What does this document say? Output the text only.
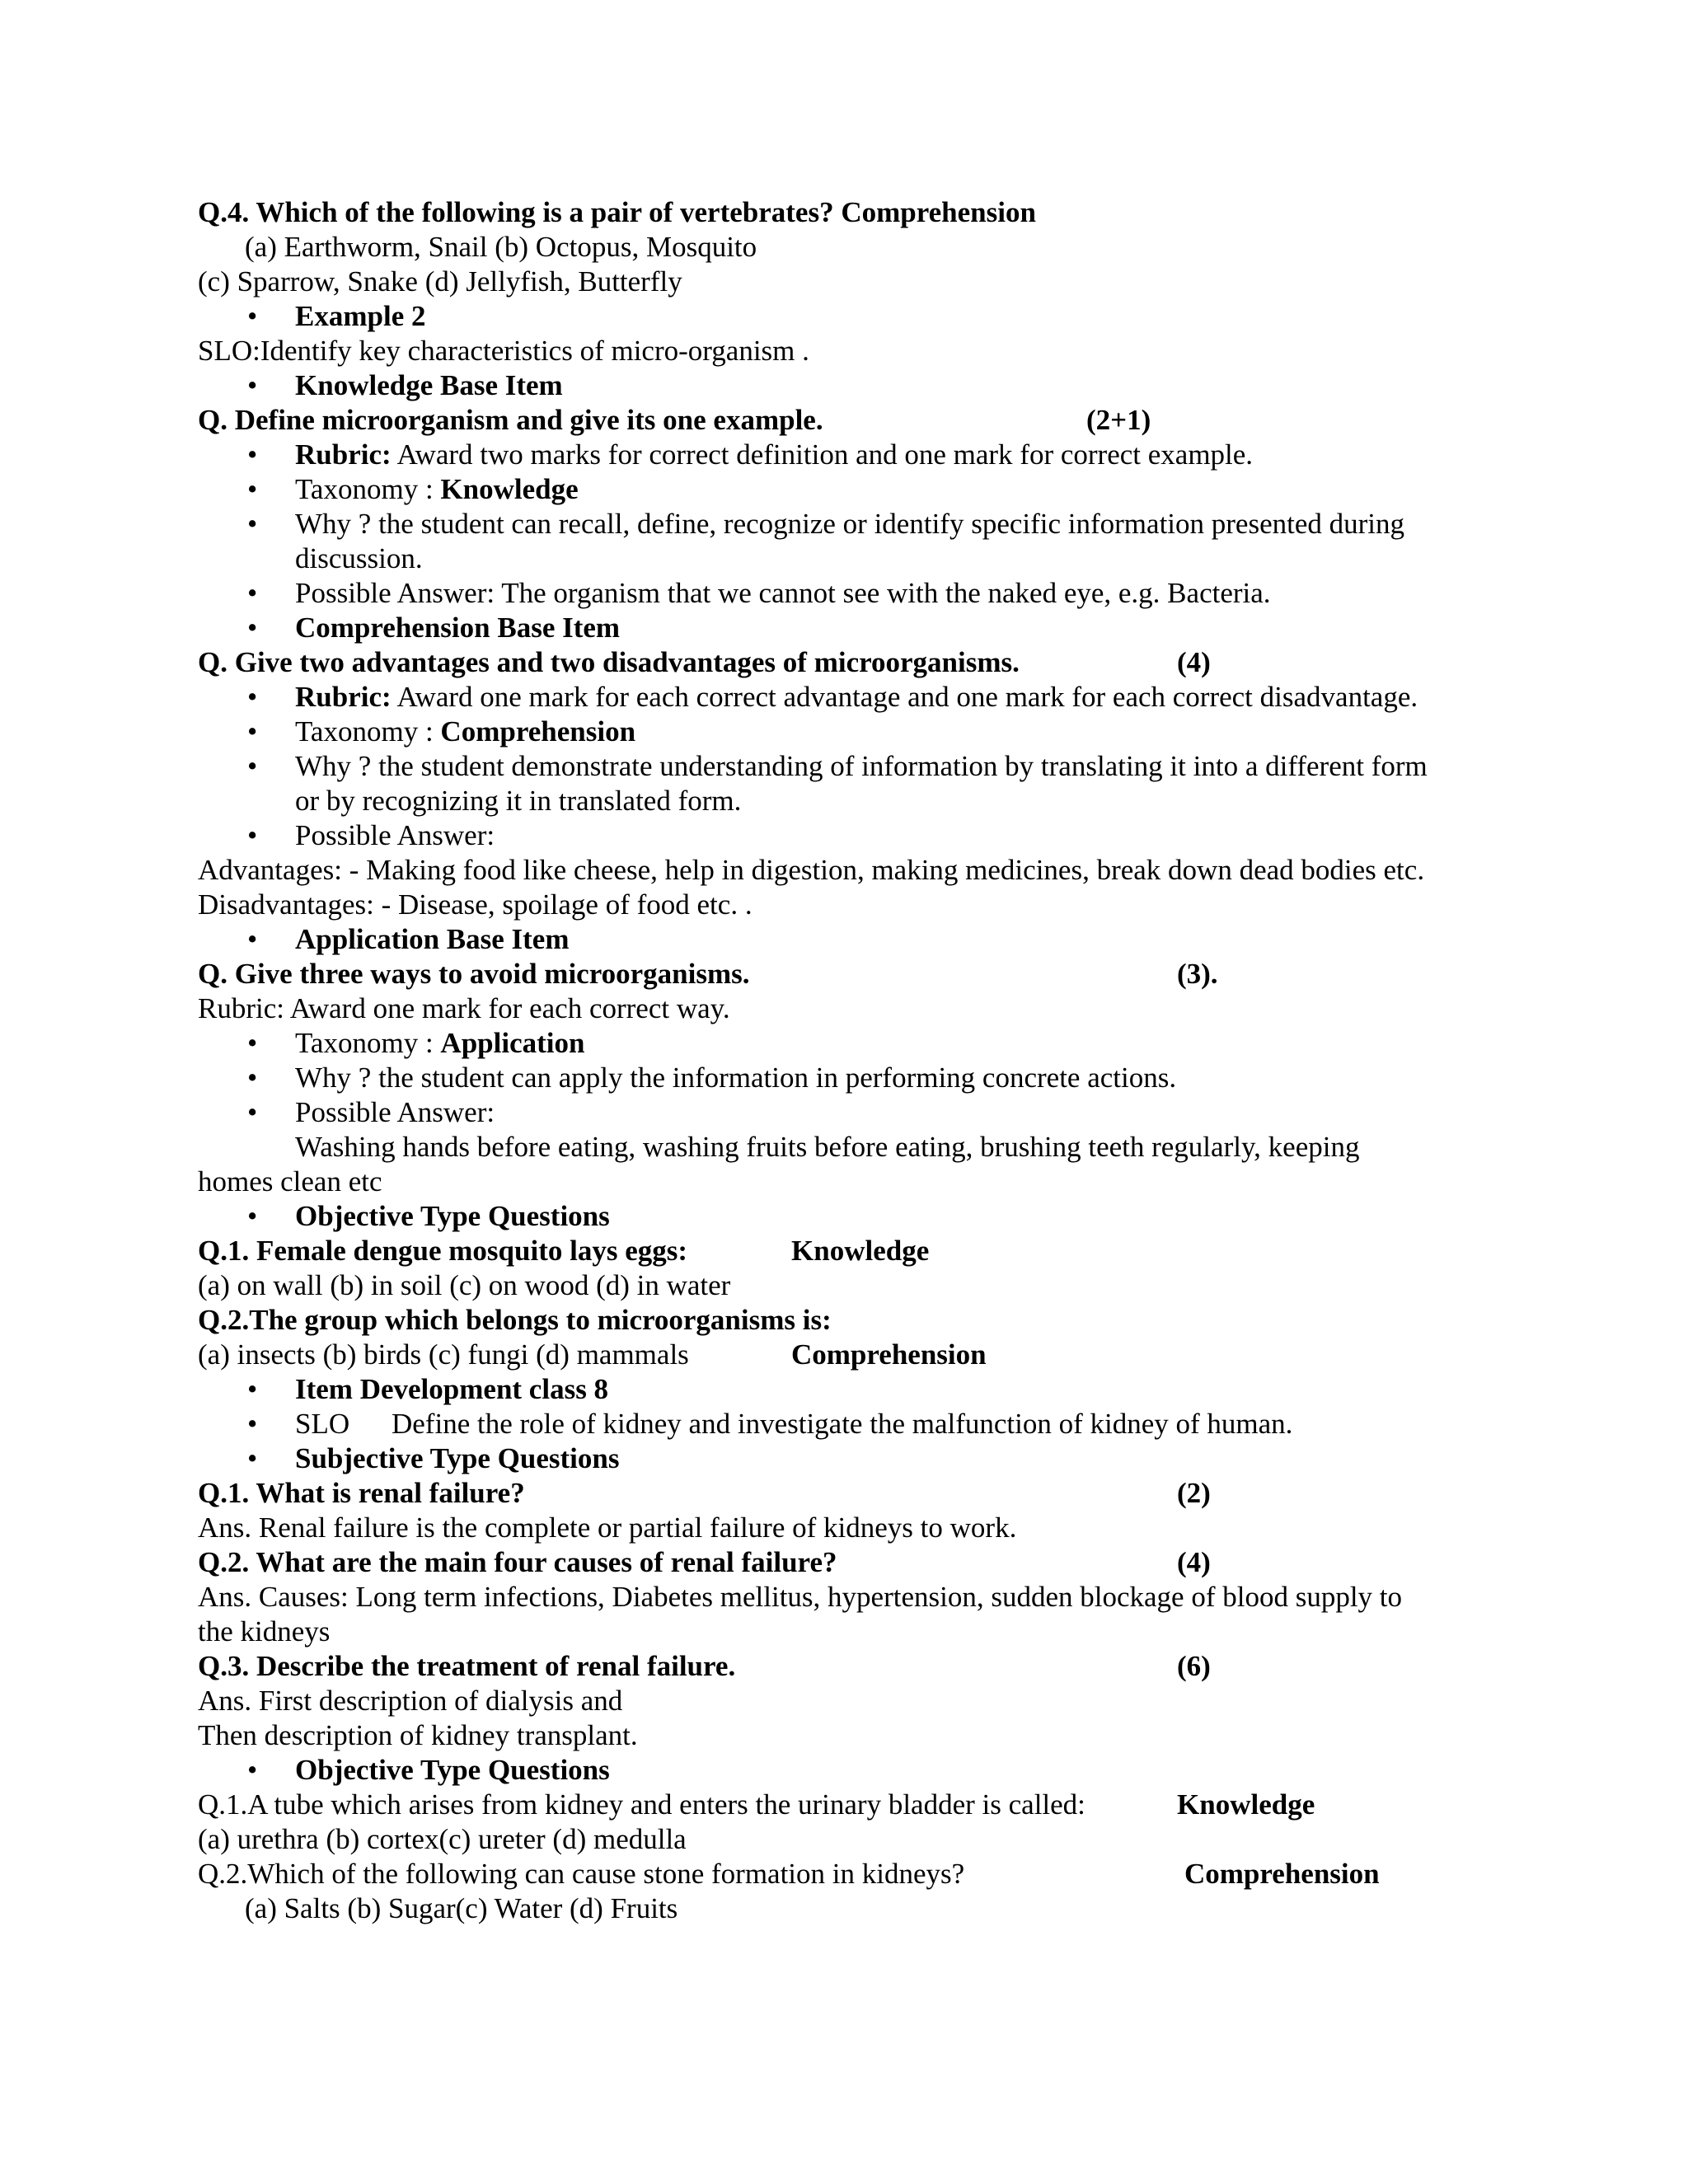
Q.4. Which of the following is a pair of vertebrates? Comprehension
(a) Earthworm, Snail (b) Octopus, Mosquito
(c) Sparrow, Snake (d) Jellyfish, Butterfly
• Example 2
SLO:Identify key characteristics of micro-organism .
• Knowledge Base Item
Q. Define microorganism and give its one example.	(2+1)
• Rubric: Award two marks for correct definition and one mark for correct example.
• Taxonomy : Knowledge
• Why ? the student can recall, define, recognize or identify specific information presented during
discussion.
• Possible Answer: The organism that we cannot see with the naked eye, e.g. Bacteria.
• Comprehension Base Item
Q. Give two advantages and two disadvantages of microorganisms.	(4)
• Rubric: Award one mark for each correct advantage and one mark for each correct disadvantage.
• Taxonomy : Comprehension
• Why ? the student demonstrate understanding of information by translating it into a different form
or by recognizing it in translated form.
• Possible Answer:
Advantages: - Making food like cheese, help in digestion, making medicines, break down dead bodies etc.
Disadvantages: - Disease, spoilage of food etc. .
• Application Base Item
Q. Give three ways to avoid microorganisms.	(3).
Rubric: Award one mark for each correct way.
• Taxonomy : Application
• Why ? the student can apply the information in performing concrete actions.
• Possible Answer:
Washing hands before eating, washing fruits before eating, brushing teeth regularly, keeping
homes clean etc
• Objective Type Questions
Q.1. Female dengue mosquito lays eggs:	Knowledge
(a) on wall (b) in soil (c) on wood (d) in water
Q.2.The group which belongs to microorganisms is:
(a) insects (b) birds (c) fungi (d) mammals	Comprehension
• Item Development class 8
• SLO Define the role of kidney and investigate the malfunction of kidney of human.
• Subjective Type Questions
Q.1. What is renal failure?	(2)
Ans. Renal failure is the complete or partial failure of kidneys to work.
Q.2. What are the main four causes of renal failure?	(4)
Ans. Causes: Long term infections, Diabetes mellitus, hypertension, sudden blockage of blood supply to
the kidneys
Q.3. Describe the treatment of renal failure.	(6)
Ans. First description of dialysis and
Then description of kidney transplant.
• Objective Type Questions
Q.1.A tube which arises from kidney and enters the urinary bladder is called:	Knowledge
(a) urethra (b) cortex(c) ureter (d) medulla
Q.2.Which of the following can cause stone formation in kidneys?	Comprehension
(a) Salts (b) Sugar(c) Water (d) Fruits
